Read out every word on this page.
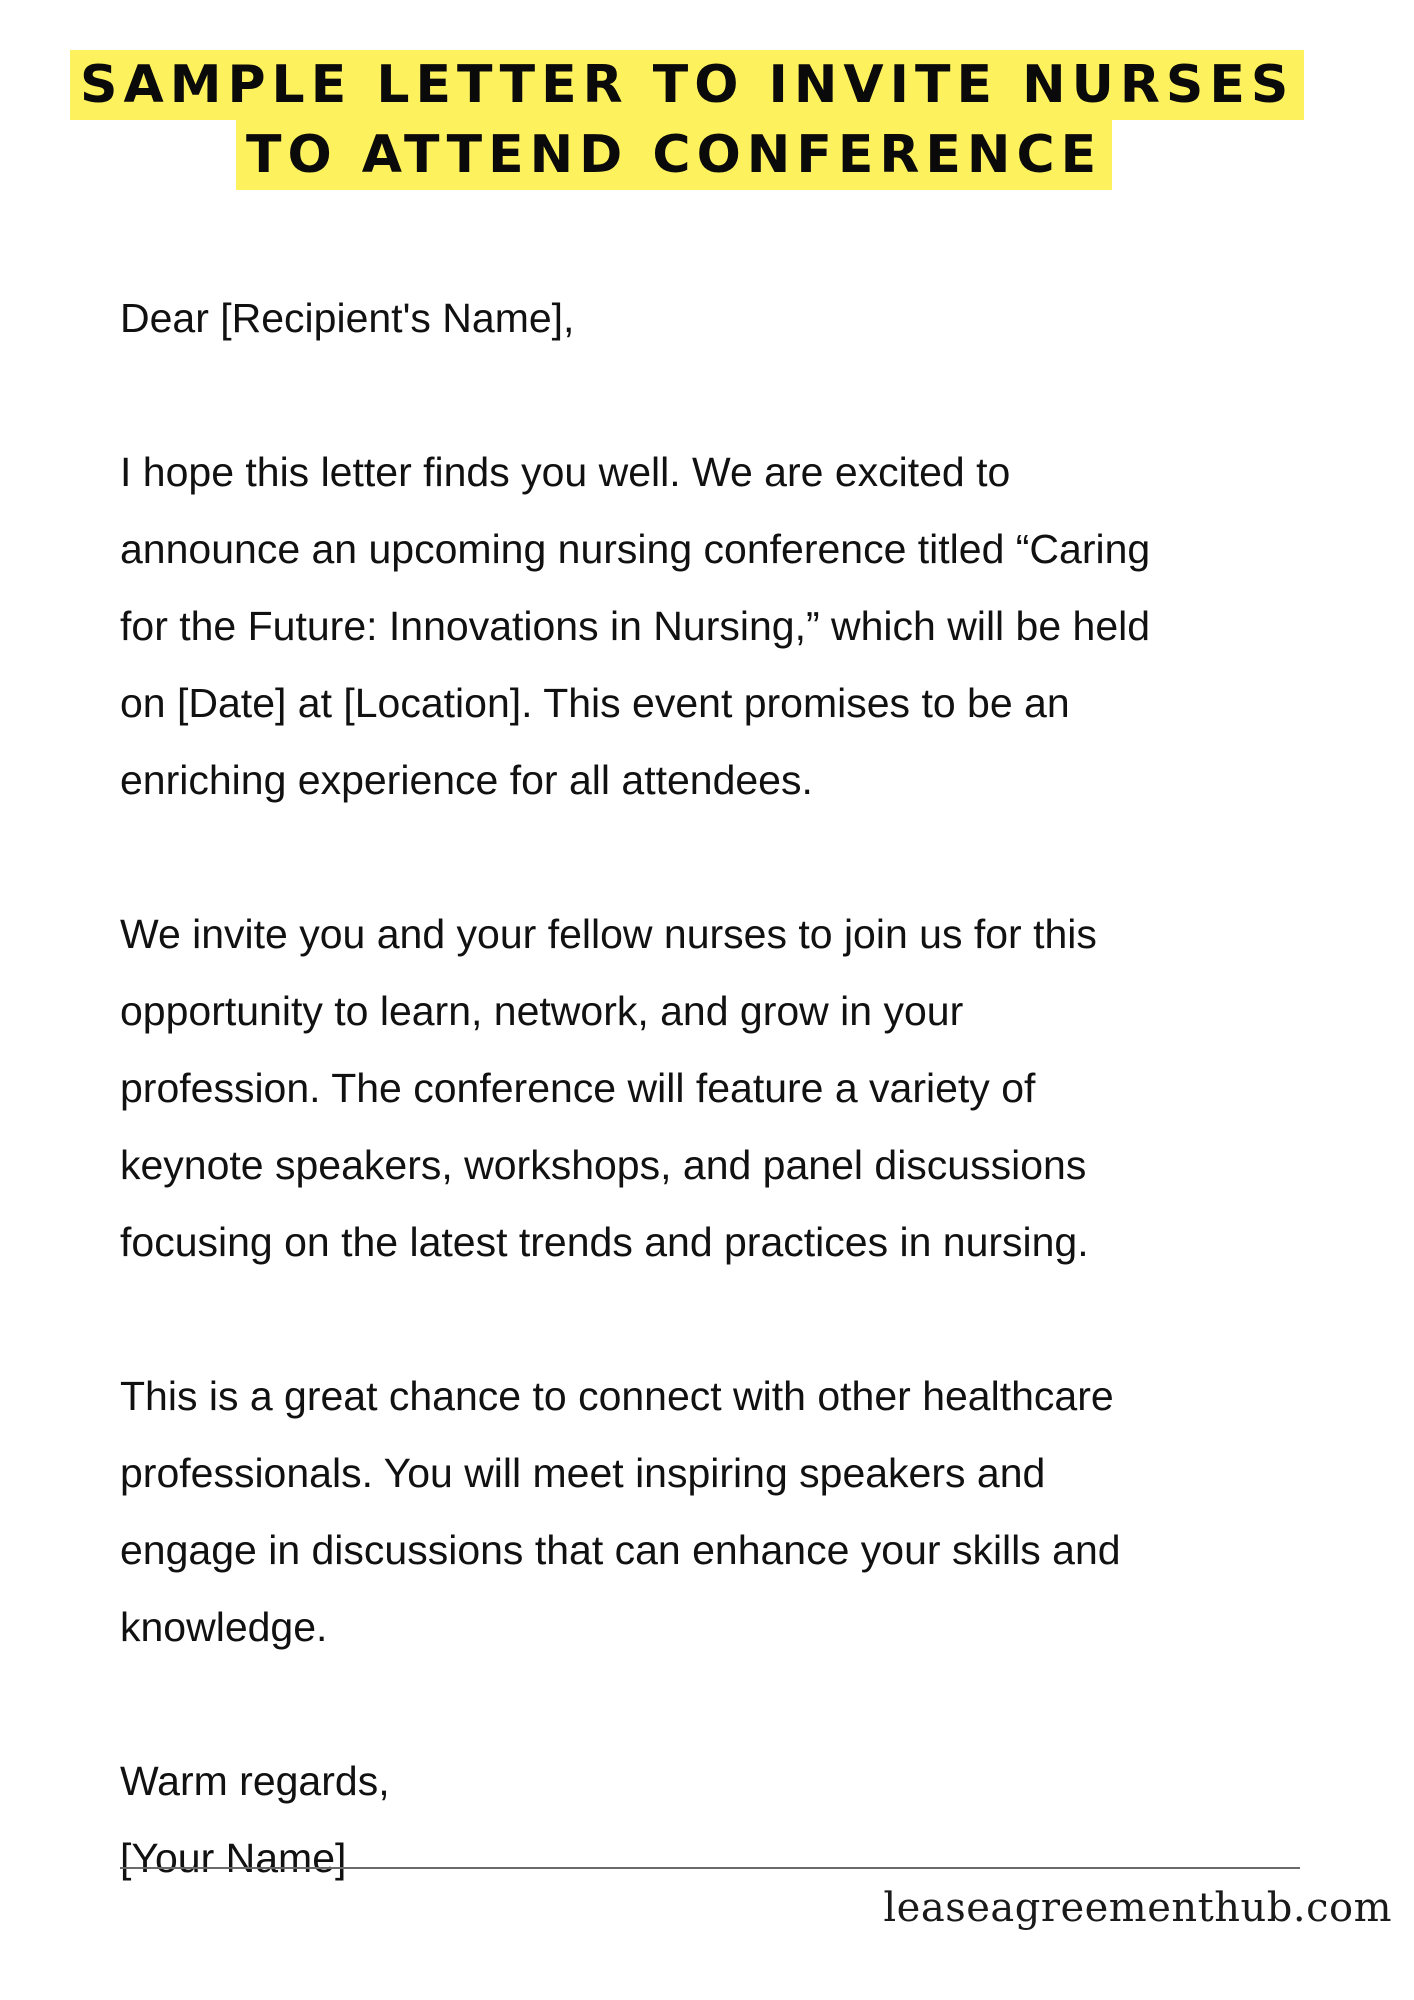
SAMPLE LETTER TO INVITE NURSES
TO ATTEND CONFERENCE

Dear [Recipient's Name],

I hope this letter finds you well. We are excited to
announce an upcoming nursing conference titled “Caring
for the Future: Innovations in Nursing,” which will be held
on [Date] at [Location]. This event promises to be an
enriching experience for all attendees.

We invite you and your fellow nurses to join us for this
opportunity to learn, network, and grow in your
profession. The conference will feature a variety of
keynote speakers, workshops, and panel discussions
focusing on the latest trends and practices in nursing.

This is a great chance to connect with other healthcare
professionals. You will meet inspiring speakers and
engage in discussions that can enhance your skills and
knowledge.

Warm regards,
[Your Name]

leaseagreementhub.com
